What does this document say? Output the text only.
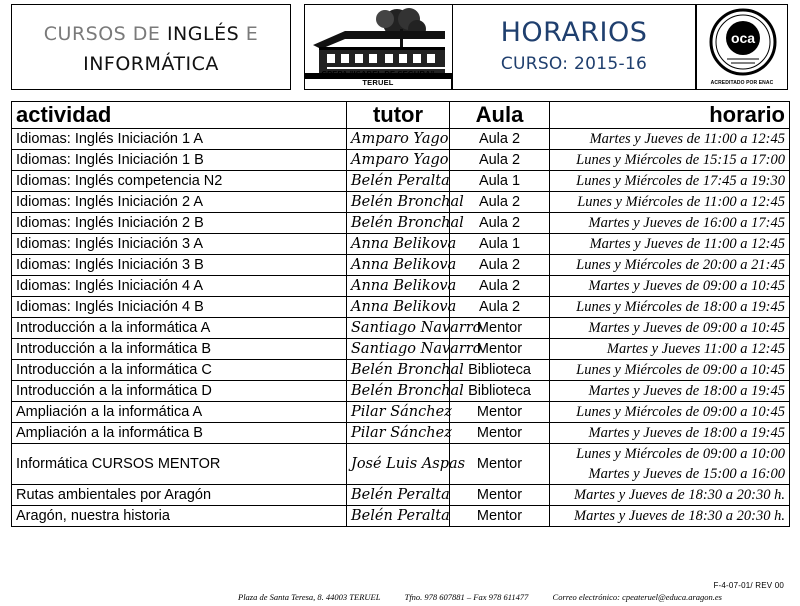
CURSOS DE INGLÉS E
INFORMÁTICA	CPEPA "ISABEL DE SEGURA" TERUEL
HORARIOS
CURSO: 2015-16
oca
ACREDITADO POR ENAC
actividad	tutor	Aula	horario
Idiomas: Inglés Iniciación 1 A	Amparo Yago	Aula 2	Martes y Jueves de 11:00 a 12:45

Idiomas: Inglés Iniciación 1 B	Amparo Yago	Aula 2	Lunes y Miércoles de 15:15 a 17:00

Idiomas: Inglés competencia N2	Belén Peralta	Aula 1	Lunes y Miércoles de 17:45 a 19:30

Idiomas: Inglés Iniciación 2 A	Belén Bronchal	Aula 2	Lunes y Miércoles de 11:00 a 12:45

Idiomas: Inglés Iniciación 2 B	Belén Bronchal	Aula 2	Martes y Jueves de 16:00 a 17:45

Idiomas: Inglés Iniciación 3 A	Anna Belikova	Aula 1	Martes y Jueves de 11:00 a 12:45

Idiomas: Inglés Iniciación 3 B	Anna Belikova	Aula 2	Lunes y Miércoles de 20:00 a 21:45

Idiomas: Inglés Iniciación 4 A	Anna Belikova	Aula 2	Martes y Jueves de 09:00 a 10:45

Idiomas: Inglés Iniciación 4 B	Anna Belikova	Aula 2	Lunes y Miércoles de 18:00 a 19:45

Introducción a la informática A	Santiago Navarro	Mentor	Martes y Jueves de 09:00 a 10:45

Introducción a la informática B	Santiago Navarro	Mentor	Martes y Jueves 11:00 a 12:45

Introducción a la informática C	Belén Bronchal	Biblioteca	Lunes y Miércoles de 09:00 a 10:45

Introducción a la informática D	Belén Bronchal	Biblioteca	Martes y Jueves de 18:00 a 19:45

Ampliación a la informática A	Pilar Sánchez	Mentor	Lunes y Miércoles de 09:00 a 10:45

Ampliación a la informática B	Pilar Sánchez	Mentor	Martes y Jueves de 18:00 a 19:45

Informática CURSOS MENTOR	José Luis Aspas	Mentor	Lunes y Miércoles de 09:00 a 10:00
Martes y Jueves de 15:00 a 16:00

Rutas ambientales por Aragón	Belén Peralta	Mentor	Martes y Jueves de 18:30 a 20:30 h.

Aragón, nuestra historia	Belén Peralta	Mentor	Martes y Jueves de 18:30 a 20:30 h.
F-4-07-01/ REV 00
Plaza de Santa Teresa, 8. 44003 TERUEL	Tfno. 978 607881 – Fax 978 611477	Correo electrónico: cpeateruel@educa.aragon.es
